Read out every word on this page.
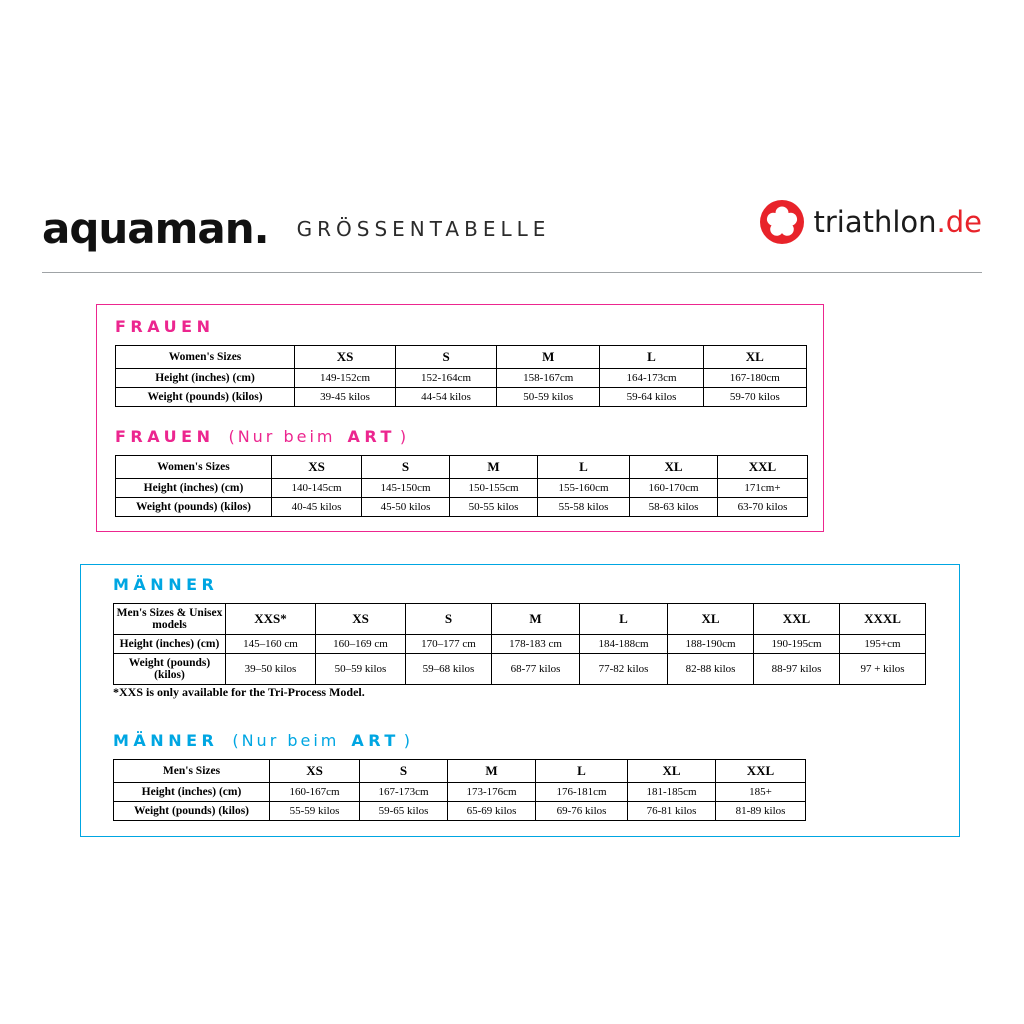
aquaman. GRÖSSENTABELLE	triathlon.de
FRAUEN
Women's Sizes	XS	S	M	L	XL
Height (inches) (cm)	149-152cm	152-164cm	158-167cm	164-173cm	167-180cm
Weight (pounds) (kilos)	39-45 kilos	44-54 kilos	50-59 kilos	59-64 kilos	59-70 kilos
FRAUEN (Nur beim ART )
Women's Sizes	XS	S	M	L	XL	XXL
Height (inches) (cm)	140-145cm	145-150cm	150-155cm	155-160cm	160-170cm	171cm+
Weight (pounds) (kilos)	40-45 kilos	45-50 kilos	50-55 kilos	55-58 kilos	58-63 kilos	63-70 kilos
MÄNNER
Men's Sizes & Unisex models	XXS*	XS	S	M	L	XL	XXL	XXXL
Height (inches) (cm)	145–160 cm	160–169 cm	170–177 cm	178-183 cm	184-188cm	188-190cm	190-195cm	195+cm
Weight (pounds) (kilos)	39–50 kilos	50–59 kilos	59–68 kilos	68-77 kilos	77-82 kilos	82-88 kilos	88-97 kilos	97 + kilos
*XXS is only available for the Tri-Process Model.
MÄNNER (Nur beim ART )
Men's Sizes	XS	S	M	L	XL	XXL
Height (inches) (cm)	160-167cm	167-173cm	173-176cm	176-181cm	181-185cm	185+
Weight (pounds) (kilos)	55-59 kilos	59-65 kilos	65-69 kilos	69-76 kilos	76-81 kilos	81-89 kilos
